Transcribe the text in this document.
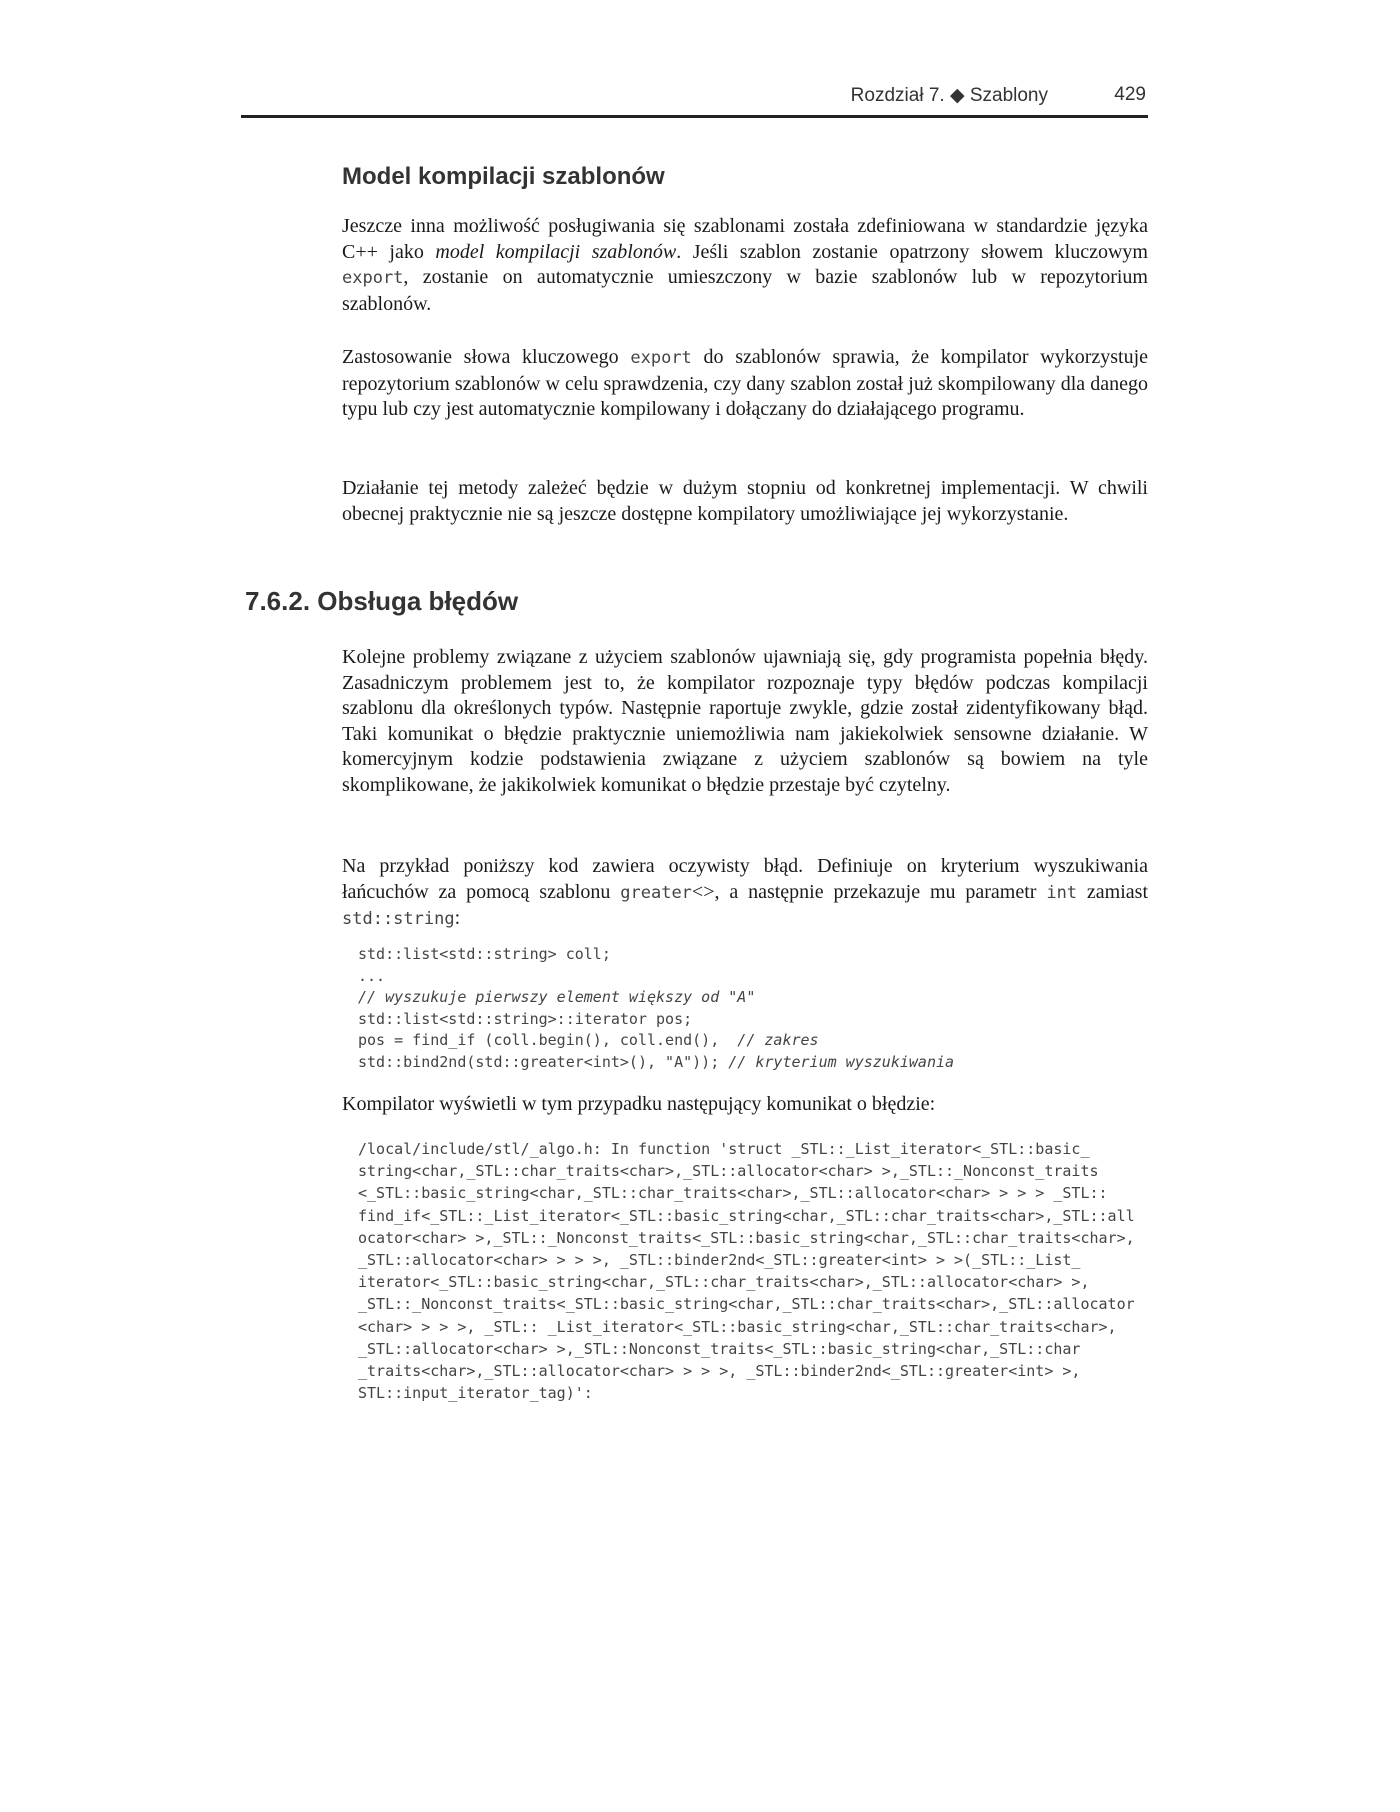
Rozdział 7. ◆ Szablony	429
Model kompilacji szablonów

Jeszcze inna możliwość posługiwania się szablonami została zdefiniowana w standardzie języka C++ jako model kompilacji szablonów. Jeśli szablon zostanie opatrzony słowem kluczowym export, zostanie on automatycznie umieszczony w bazie szablonów lub w repozytorium szablonów.

Zastosowanie słowa kluczowego export do szablonów sprawia, że kompilator wykorzystuje repozytorium szablonów w celu sprawdzenia, czy dany szablon został już skompilowany dla danego typu lub czy jest automatycznie kompilowany i dołączany do działającego programu.

Działanie tej metody zależeć będzie w dużym stopniu od konkretnej implementacji. W chwili obecnej praktycznie nie są jeszcze dostępne kompilatory umożliwiające jej wykorzystanie.

7.6.2. Obsługa błędów

Kolejne problemy związane z użyciem szablonów ujawniają się, gdy programista popełnia błędy. Zasadniczym problemem jest to, że kompilator rozpoznaje typy błędów podczas kompilacji szablonu dla określonych typów. Następnie raportuje zwykle, gdzie został zidentyfikowany błąd. Taki komunikat o błędzie praktycznie uniemożliwia nam jakiekolwiek sensowne działanie. W komercyjnym kodzie podstawienia związane z użyciem szablonów są bowiem na tyle skomplikowane, że jakikolwiek komunikat o błędzie przestaje być czytelny.

Na przykład poniższy kod zawiera oczywisty błąd. Definiuje on kryterium wyszukiwania łańcuchów za pomocą szablonu greater<>, a następnie przekazuje mu parametr int zamiast std::string:

std::list<std::string> coll;
...
// wyszukuje pierwszy element większy od "A"
std::list<std::string>::iterator pos;
pos = find_if (coll.begin(), coll.end(),  // zakres
std::bind2nd(std::greater<int>(), "A")); // kryterium wyszukiwania

Kompilator wyświetli w tym przypadku następujący komunikat o błędzie:

/local/include/stl/_algo.h: In function 'struct _STL::_List_iterator<_STL::basic_
string<char,_STL::char_traits<char>,_STL::allocator<char> >,_STL::_Nonconst_traits
<_STL::basic_string<char,_STL::char_traits<char>,_STL::allocator<char> > > > _STL::
find_if<_STL::_List_iterator<_STL::basic_string<char,_STL::char_traits<char>,_STL::all
ocator<char> >,_STL::_Nonconst_traits<_STL::basic_string<char,_STL::char_traits<char>,
_STL::allocator<char> > > >, _STL::binder2nd<_STL::greater<int> > >(_STL::_List_
iterator<_STL::basic_string<char,_STL::char_traits<char>,_STL::allocator<char> >,
_STL::_Nonconst_traits<_STL::basic_string<char,_STL::char_traits<char>,_STL::allocator
<char> > > >, _STL:: _List_iterator<_STL::basic_string<char,_STL::char_traits<char>,
_STL::allocator<char> >,_STL::Nonconst_traits<_STL::basic_string<char,_STL::char
_traits<char>,_STL::allocator<char> > > >, _STL::binder2nd<_STL::greater<int> >,
STL::input_iterator_tag)':
